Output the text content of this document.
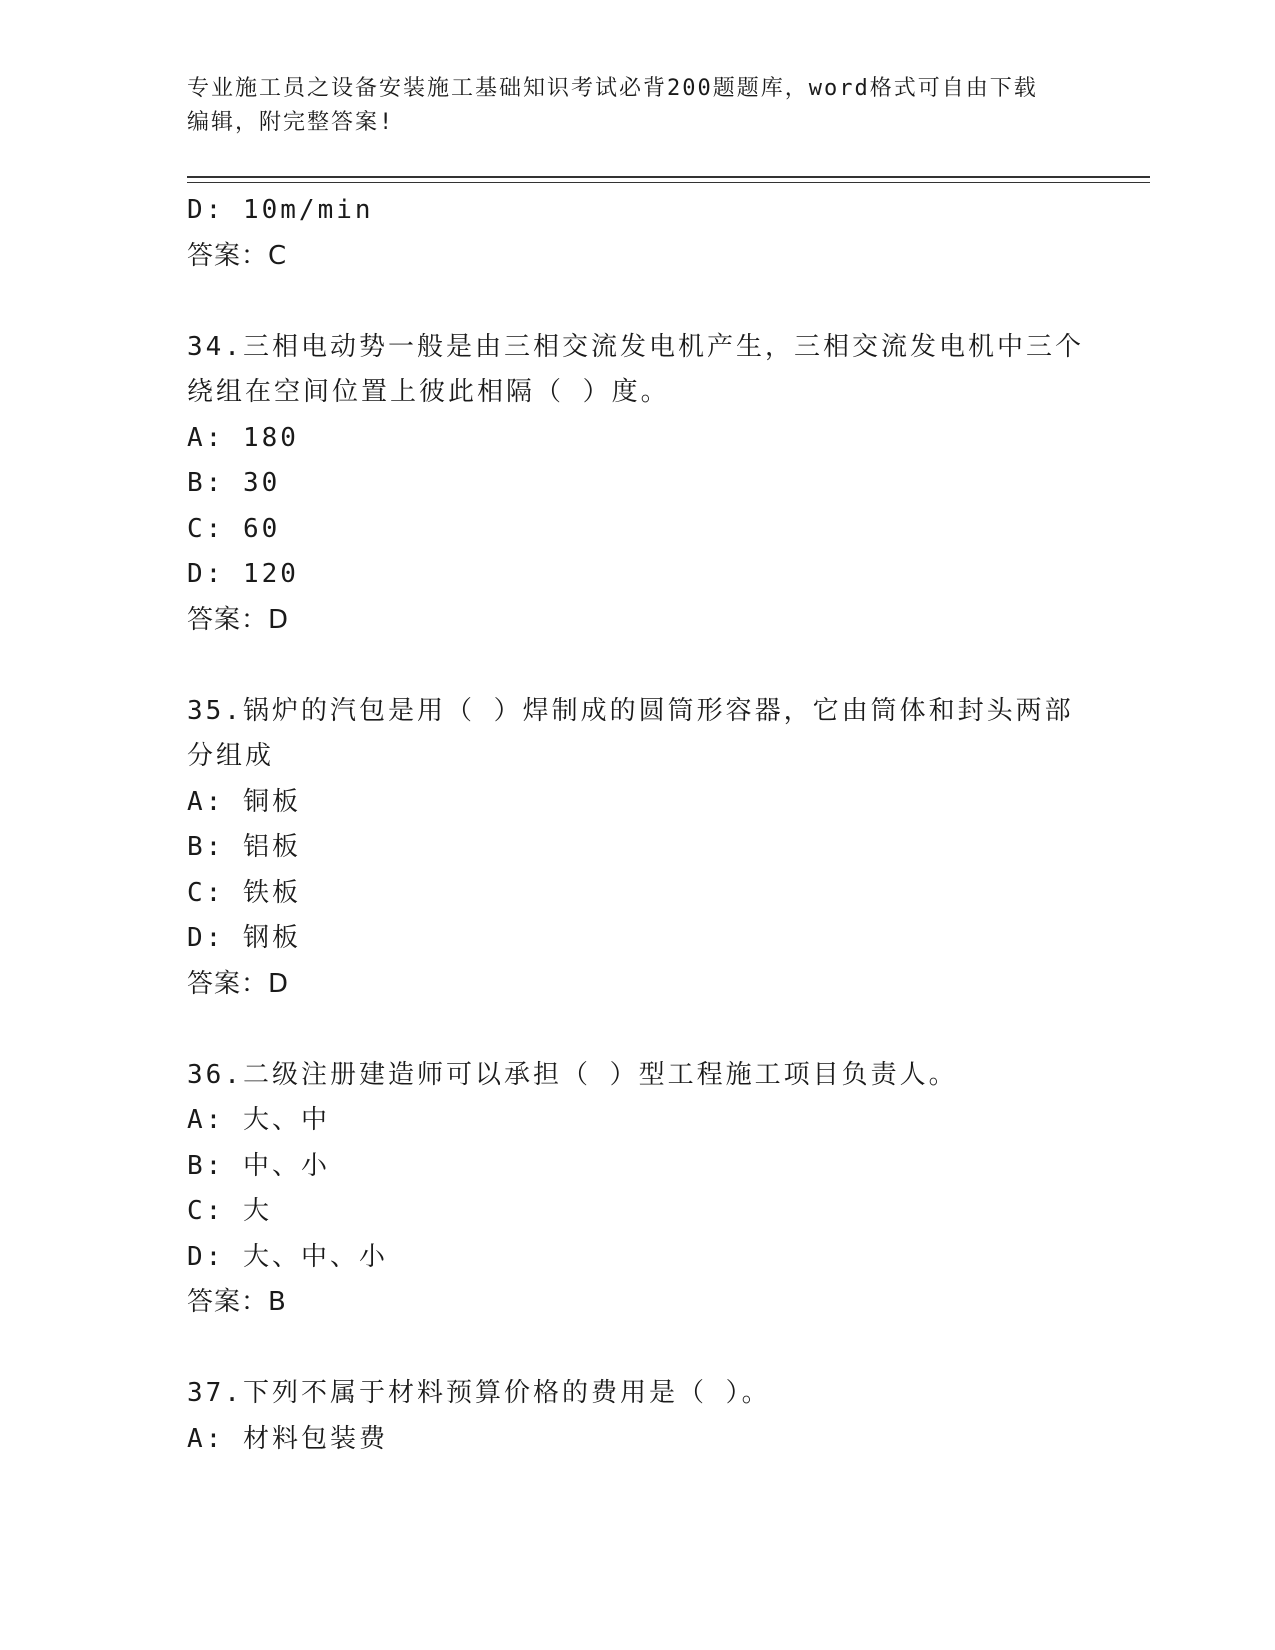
专业施工员之设备安装施工基础知识考试必背200题题库，word格式可自由下载
编辑，附完整答案!
D: 10m/min
答案：C
34.三相电动势一般是由三相交流发电机产生，三相交流发电机中三个
绕组在空间位置上彼此相隔（ ）度。
A: 180
B: 30
C: 60
D: 120
答案：D
35.锅炉的汽包是用（ ）焊制成的圆筒形容器，它由筒体和封头两部
分组成
A: 铜板
B: 铝板
C: 铁板
D: 钢板
答案：D
36.二级注册建造师可以承担（ ）型工程施工项目负责人。
A: 大、中
B: 中、小
C: 大
D: 大、中、小
答案：B
37.下列不属于材料预算价格的费用是（ ）。
A: 材料包装费
